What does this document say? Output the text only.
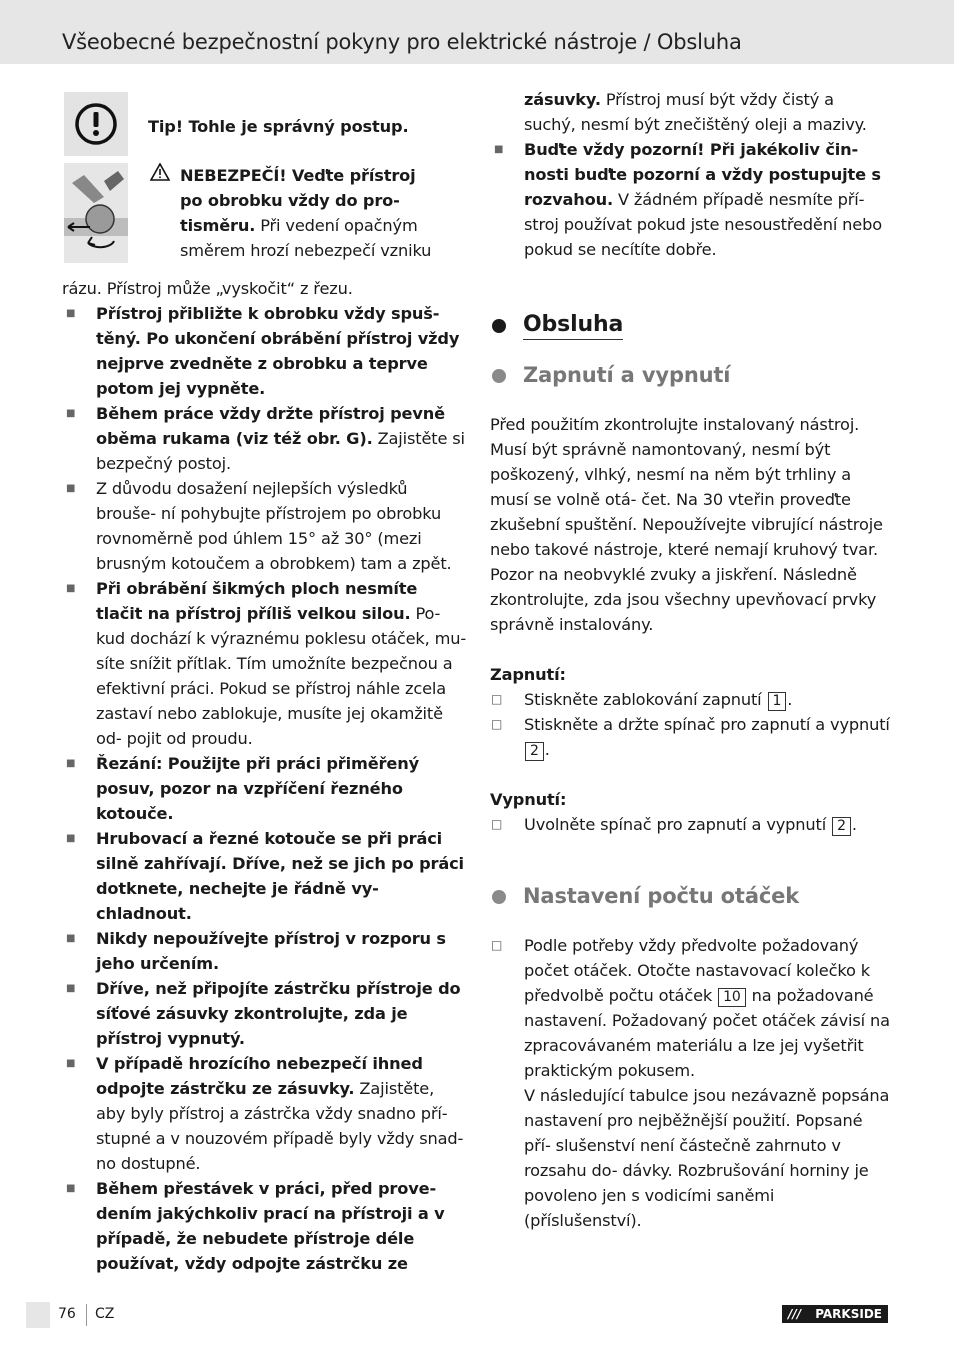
Všeobecné bezpečnostní pokyny pro elektrické nástroje / Obsluha
Tip! Tohle je správný postup.
NEBEZPEČÍ! Veďte přístroj
po obrobku vždy do pro-
tisměru. Při vedení opačným
směrem hrozí nebezpečí vzniku
rázu. Přístroj může „vyskočit“ z řezu.
■ Přístroj přibližte k obrobku vždy spuš- těný. Po ukončení obrábění přístroj vždy nejprve zvedněte z obrobku a teprve potom jej vypněte.
■ Během práce vždy držte přístroj pevně oběma rukama (viz též obr. G). Zajistěte si bezpečný postoj.
■ Z důvodu dosažení nejlepších výsledků brouše- ní pohybujte přístrojem po obrobku rovnoměrně pod úhlem 15° až 30° (mezi brusným kotoučem a obrobkem) tam a zpět.
■ Při obrábění šikmých ploch nesmíte tlačit na přístroj příliš velkou silou. Po- kud dochází k výraznému poklesu otáček, mu- síte snížit přítlak. Tím umožníte bezpečnou a efektivní práci. Pokud se přístroj náhle zcela zastaví nebo zablokuje, musíte jej okamžitě od- pojit od proudu.
■ Řezání: Použijte při práci přiměřený posuv, pozor na vzpříčení řezného kotouče.
■ Hrubovací a řezné kotouče se při práci silně zahřívají. Dříve, než se jich po práci dotknete, nechejte je řádně vy- chladnout.
■ Nikdy nepoužívejte přístroj v rozporu s jeho určením.
■ Dříve, než připojíte zástrčku přístroje do síťové zásuvky zkontrolujte, zda je přístroj vypnutý.
■ V případě hrozícího nebezpečí ihned odpojte zástrčku ze zásuvky. Zajistěte, aby byly přístroj a zástrčka vždy snadno pří- stupné a v nouzovém případě byly vždy snad- no dostupné.
■ Během přestávek v práci, před prove- dením jakýchkoliv prací na přístroji a v případě, že nebudete přístroje déle používat, vždy odpojte zástrčku ze
zásuvky. Přístroj musí být vždy čistý a suchý, nesmí být znečištěný oleji a mazivy.
■ Buďte vždy pozorní! Při jakékoliv čin- nosti buďte pozorní a vždy postupujte s rozvahou. V žádném případě nesmíte pří- stroj používat pokud jste nesoustředění nebo pokud se necítíte dobře.
Obsluha
Zapnutí a vypnutí

Před použitím zkontrolujte instalovaný nástroj. Musí být správně namontovaný, nesmí být poškozený, vlhký, nesmí na něm být trhliny a musí se volně otá- čet. Na 30 vteřin proveďte zkušební spuštění. Nepoužívejte vibrující nástroje nebo takové nástroje, které nemají kruhový tvar. Pozor na neobvyklé zvuky a jiskření. Následně zkontrolujte, zda jsou všechny upevňovací prvky správně instalovány.

Zapnutí:

□ Stiskněte zablokování zapnutí 1 .
□ Stiskněte a držte spínač pro zapnutí a vypnutí 2 .

Vypnutí:

□ Uvolněte spínač pro zapnutí a vypnutí 2 .
Nastavení počtu otáček
□ Podle potřeby vždy předvolte požadovaný počet otáček. Otočte nastavovací kolečko k předvolbě počtu otáček 10 na požadované nastavení. Požadovaný počet otáček závisí na zpracovávaném materiálu a lze jej vyšetřit praktickým pokusem.
V následující tabulce jsou nezávazně popsána nastavení pro nejběžnější použití. Popsané pří- slušenství není částečně zahrnuto v rozsahu do- dávky. Rozbrušování horniny je povoleno jen s vodicími saněmi (příslušenství).
76 CZ	/// PARKSIDE
